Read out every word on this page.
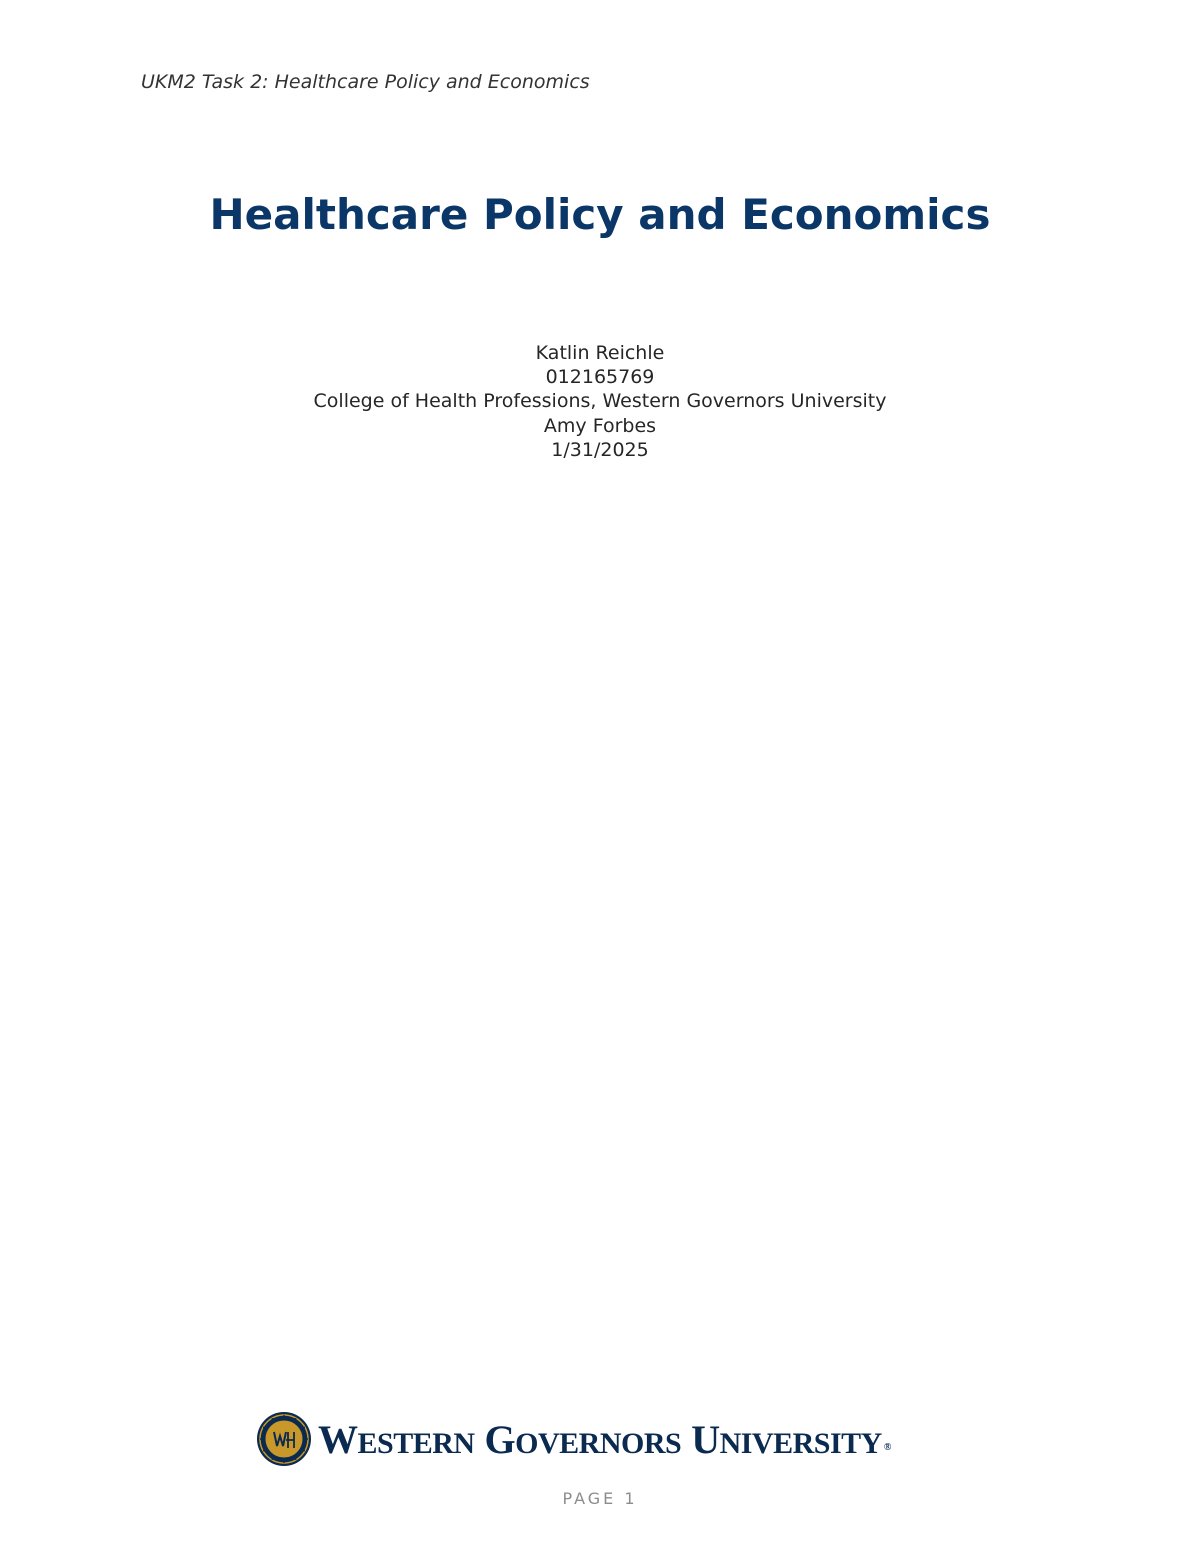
UKM2 Task 2: Healthcare Policy and Economics
Healthcare Policy and Economics
Katlin Reichle
012165769
College of Health Professions, Western Governors University
Amy Forbes
1/31/2025
W ESTERN G OVERNORS U NIVERSITY ®
PAGE 1
